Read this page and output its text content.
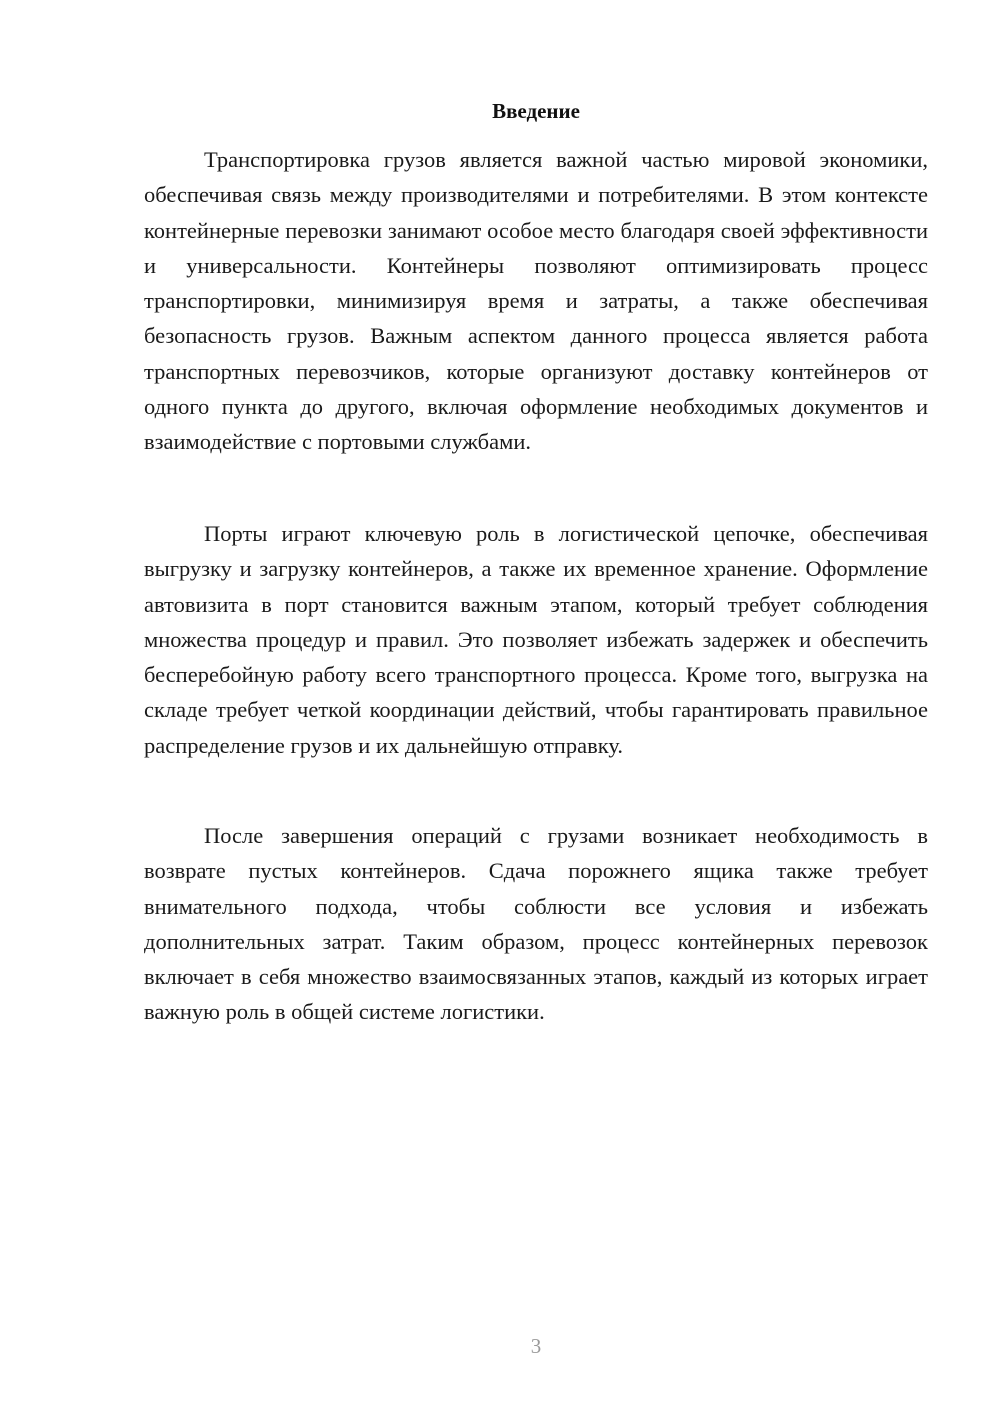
Введение

Транспортировка грузов является важной частью мировой экономики, обеспечивая связь между производителями и потребителями. В этом контексте контейнерные перевозки занимают особое место благодаря своей эффективности и универсальности. Контейнеры позволяют оптимизировать процесс транспортировки, минимизируя время и затраты, а также обеспечивая безопасность грузов. Важным аспектом данного процесса является работа транспортных перевозчиков, которые организуют доставку контейнеров от одного пункта до другого, включая оформление необходимых документов и взаимодействие с портовыми службами.

Порты играют ключевую роль в логистической цепочке, обеспечивая выгрузку и загрузку контейнеров, а также их временное хранение. Оформление автовизита в порт становится важным этапом, который требует соблюдения множества процедур и правил. Это позволяет избежать задержек и обеспечить бесперебойную работу всего транспортного процесса. Кроме того, выгрузка на складе требует четкой координации действий, чтобы гарантировать правильное распределение грузов и их дальнейшую отправку.

После завершения операций с грузами возникает необходимость в возврате пустых контейнеров. Сдача порожнего ящика также требует внимательного подхода, чтобы соблюсти все условия и избежать дополнительных затрат. Таким образом, процесс контейнерных перевозок включает в себя множество взаимосвязанных этапов, каждый из которых играет важную роль в общей системе логистики.

3
